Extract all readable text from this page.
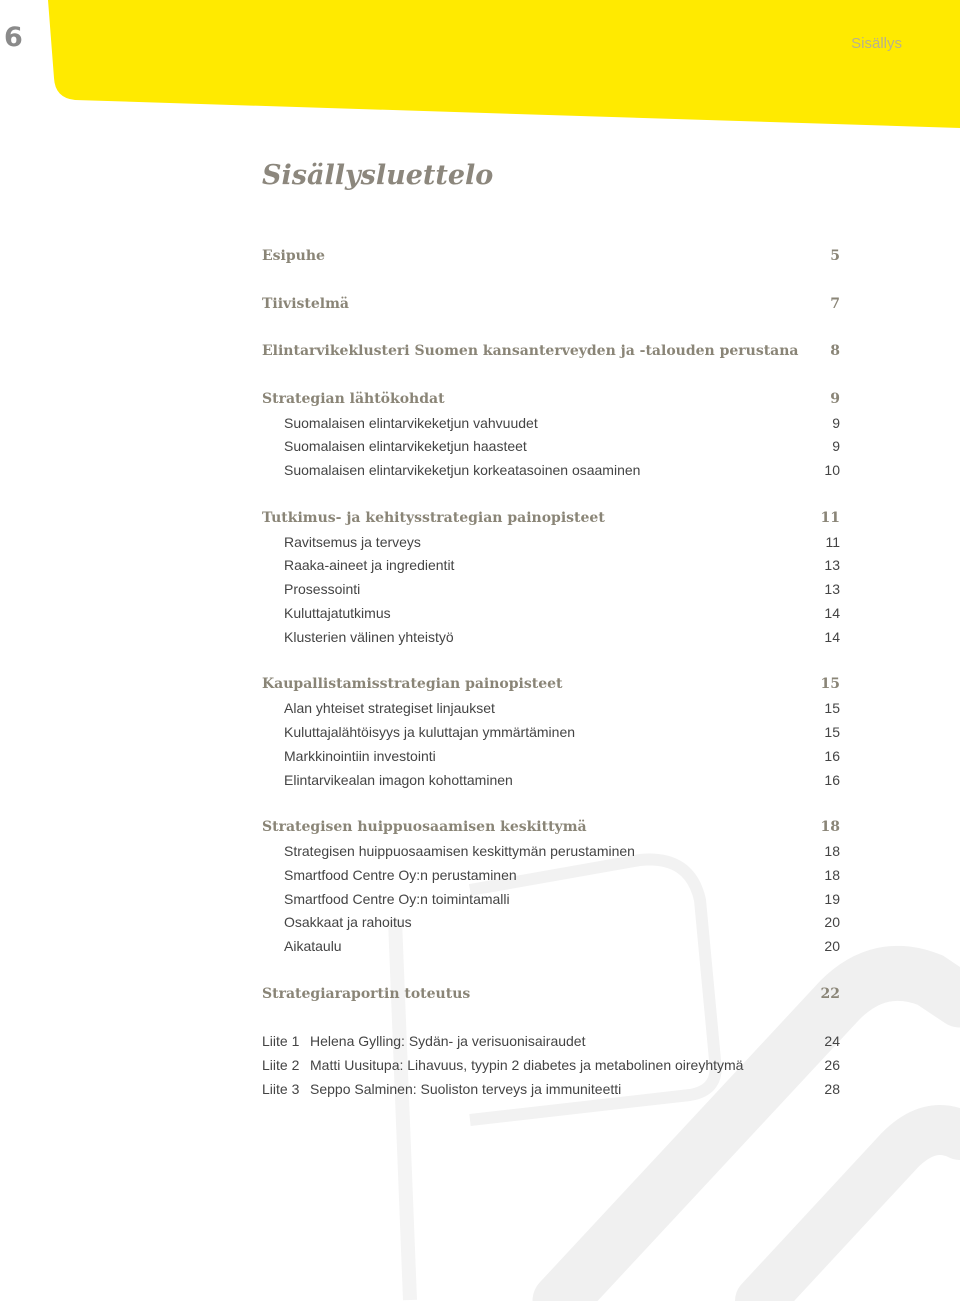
6	Sisällys
Sisällysluettelo
Esipuhe	5
Tiivistelmä	7
Elintarvikeklusteri Suomen kansanterveyden ja -talouden perustana	8
Strategian lähtökohdat	9
Suomalaisen elintarvikeketjun vahvuudet	9
Suomalaisen elintarvikeketjun haasteet	9
Suomalaisen elintarvikeketjun korkeatasoinen osaaminen	10
Tutkimus- ja kehitysstrategian painopisteet	11
Ravitsemus ja terveys	11
Raaka-aineet ja ingredientit	13
Prosessointi	13
Kuluttajatutkimus	14
Klusterien välinen yhteistyö	14
Kaupallistamisstrategian painopisteet	15
Alan yhteiset strategiset linjaukset	15
Kuluttajalähtöisyys ja kuluttajan ymmärtäminen	15
Markkinointiin investointi	16
Elintarvikealan imagon kohottaminen	16
Strategisen huippuosaamisen keskittymä	18
Strategisen huippuosaamisen keskittymän perustaminen	18
Smartfood Centre Oy:n perustaminen	18
Smartfood Centre Oy:n toimintamalli	19
Osakkaat ja rahoitus	20
Aikataulu	20
Strategiaraportin toteutus	22
Liite 1 Helena Gylling: Sydän- ja verisuonisairaudet	24
Liite 2 Matti Uusitupa: Lihavuus, tyypin 2 diabetes ja metabolinen oireyhtymä	26
Liite 3 Seppo Salminen: Suoliston terveys ja immuniteetti	28
